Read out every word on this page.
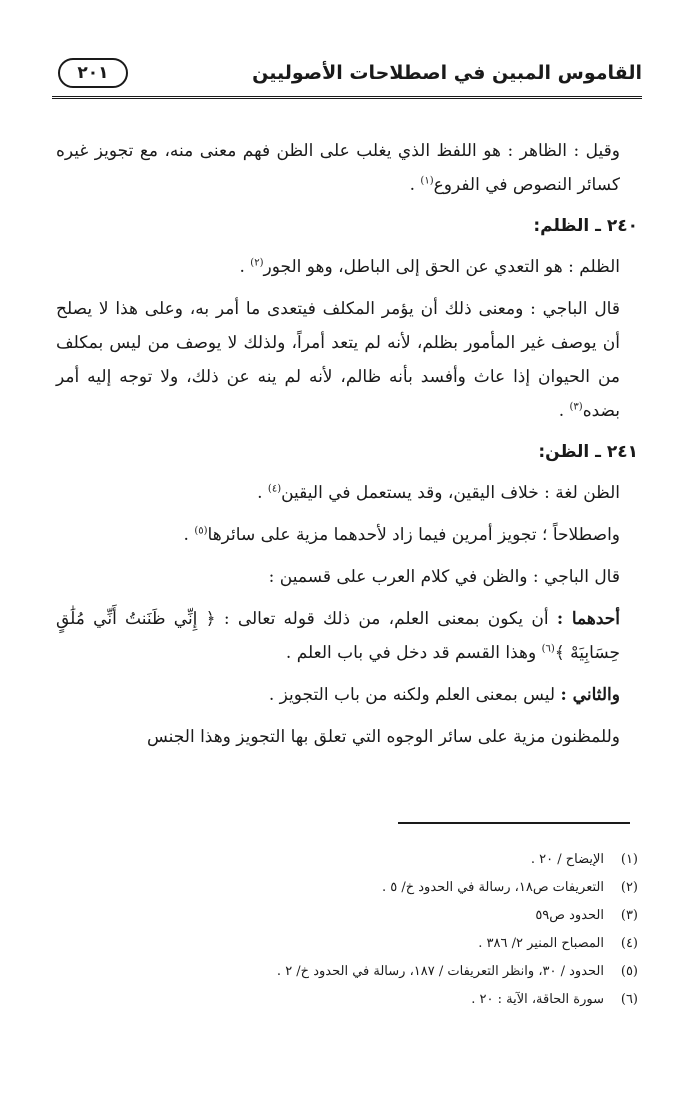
القاموس المبين في اصطلاحات الأصوليين
٢٠١

وقيل : الظاهر : هو اللفظ الذي يغلب على الظن فهم معنى منه، مع تجويز غيره كسائر النصوص في الفروع$^{(١)}$ .

٢٤٠ ـ الظلم:

الظلم : هو التعدي عن الحق إلى الباطل، وهو الجور$^{(٢)}$ .

قال الباجي : ومعنى ذلك أن يؤمر المكلف فيتعدى ما أمر به، وعلى هذا لا يصلح أن يوصف غير المأمور بظلم، لأنه لم يتعد أمراً، ولذلك لا يوصف من ليس بمكلف من الحيوان إذا عاث وأفسد بأنه ظالم، لأنه لم ينه عن ذلك، ولا توجه إليه أمر بضده$^{(٣)}$ .

٢٤١ ـ الظن:

الظن لغة : خلاف اليقين، وقد يستعمل في اليقين$^{(٤)}$ .

واصطلاحاً ؛ تجويز أمرين فيما زاد لأحدهما مزية على سائرها$^{(٥)}$ .

قال الباجي : والظن في كلام العرب على قسمين :

أحدهما : أن يكون بمعنى العلم، من ذلك قوله تعالى : ﴿ إِنِّي ظَنَنتُ أَنِّي مُلَٰقٍ حِسَابِيَهْ ﴾$^{(٦)}$ وهذا القسم قد دخل في باب العلم .

والثاني : ليس بمعنى العلم ولكنه من باب التجويز .

وللمظنون مزية على سائر الوجوه التي تعلق بها التجويز وهذا الجنس

(١)
الإيضاح / ٢٠ .
(٢)
التعريفات ص١٨، رسالة في الحدود خ/ ٥ .
(٣)
الحدود ص٥٩
(٤)
المصباح المنير ٢/ ٣٨٦ .
(٥)
الحدود / ٣٠، وانظر التعريفات / ١٨٧، رسالة في الحدود خ/ ٢ .
(٦)
سورة الحاقة، الآية : ٢٠ .
